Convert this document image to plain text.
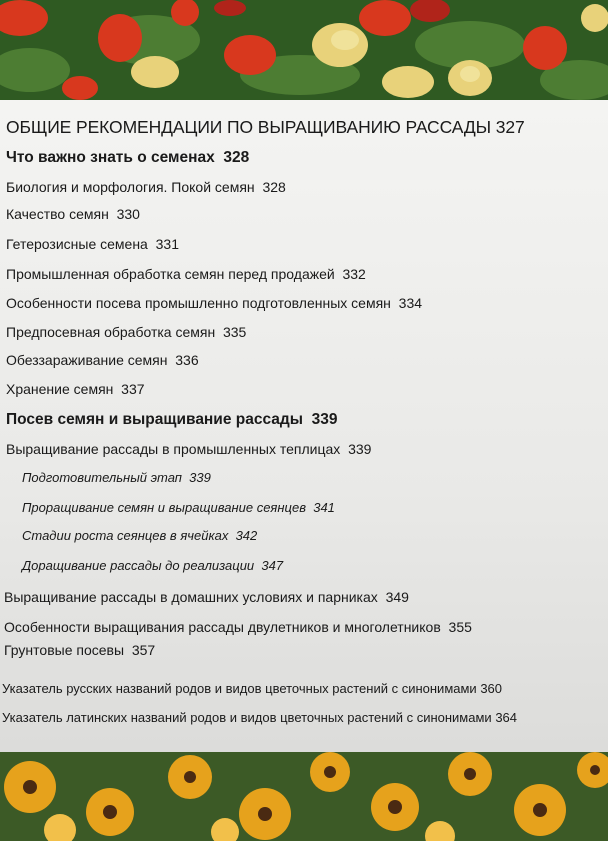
ОБЩИЕ РЕКОМЕНДАЦИИ ПО ВЫРАЩИВАНИЮ РАССАДЫ 327
Что важно знать о семенах 328
Биология и морфология. Покой семян 328
Качество семян 330
Гетерозисные семена 331
Промышленная обработка семян перед продажей 332
Особенности посева промышленно подготовленных семян 334
Предпосевная обработка семян 335
Обеззараживание семян 336
Хранение семян 337
Посев семян и выращивание рассады 339
Выращивание рассады в промышленных теплицах 339
Подготовительный этап 339
Проращивание семян и выращивание сеянцев 341
Стадии роста сеянцев в ячейках 342
Доращивание рассады до реализации 347
Выращивание рассады в домашних условиях и парниках 349
Особенности выращивания рассады двулетников и многолетников 355
Грунтовые посевы 357
Указатель русских названий родов и видов цветочных растений с синонимами 360
Указатель латинских названий родов и видов цветочных растений с синонимами 364
